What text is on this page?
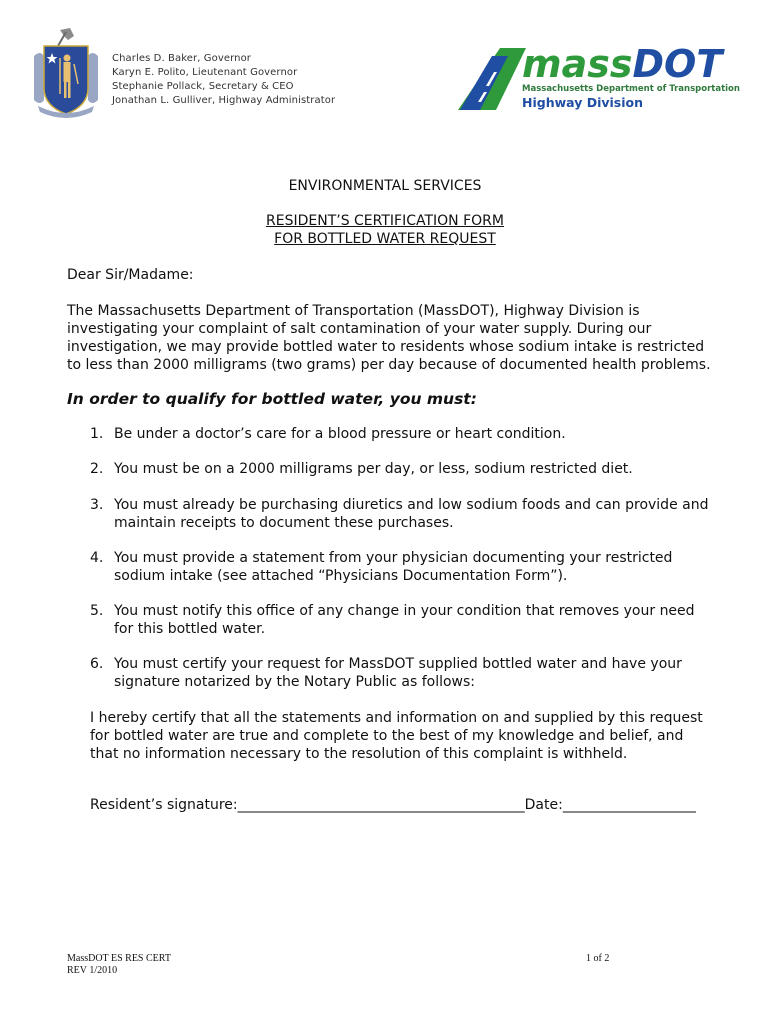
Charles D. Baker, Governor
Karyn E. Polito, Lieutenant Governor
Stephanie Pollack, Secretary & CEO
Jonathan L. Gulliver, Highway Administrator
massDOT
Massachusetts Department of Transportation
Highway Division
ENVIRONMENTAL SERVICES
RESIDENT’S CERTIFICATION FORM
FOR BOTTLED WATER REQUEST
Dear Sir/Madame:
The Massachusetts Department of Transportation (MassDOT), Highway Division is investigating your complaint of salt contamination of your water supply. During our investigation, we may provide bottled water to residents whose sodium intake is restricted to less than 2000 milligrams (two grams) per day because of documented health problems.
In order to qualify for bottled water, you must:
1. Be under a doctor’s care for a blood pressure or heart condition.
2. You must be on a 2000 milligrams per day, or less, sodium restricted diet.
3. You must already be purchasing diuretics and low sodium foods and can provide and maintain receipts to document these purchases.
4. You must provide a statement from your physician documenting your restricted sodium intake (see attached “Physicians Documentation Form”).
5. You must notify this office of any change in your condition that removes your need for this bottled water.
6. You must certify your request for MassDOT supplied bottled water and have your signature notarized by the Notary Public as follows:
I hereby certify that all the statements and information on and supplied by this request for bottled water are true and complete to the best of my knowledge and belief, and that no information necessary to the resolution of this complaint is withheld.
Resident’s signature:_________________________________________Date:___________________
MassDOT ES RES CERT
REV 1/2010
1 of 2
